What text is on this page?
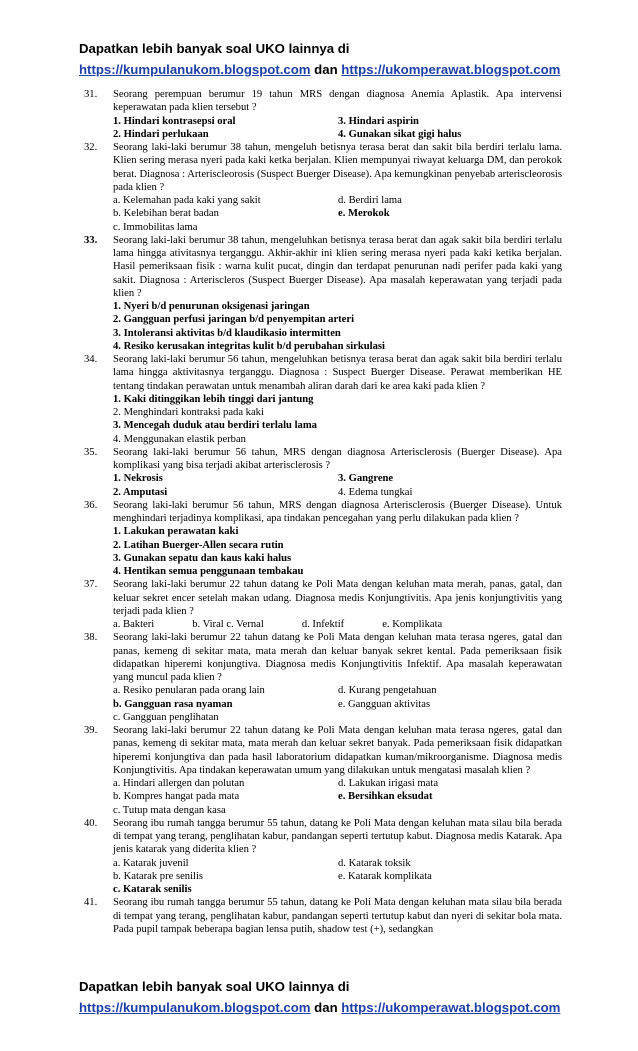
Dapatkan lebih banyak soal UKO lainnya di
https://kumpulanukom.blogspot.com dan https://ukomperawat.blogspot.com
31.	Seorang perempuan berumur 19 tahun MRS dengan diagnosa Anemia Aplastik. Apa intervensi keperawatan pada klien tersebut ?
1. Hindari kontrasepsi oral	3. Hindari aspirin
2. Hindari perlukaan	4. Gunakan sikat gigi halus
32.	Seorang laki-laki berumur 38 tahun, mengeluh betisnya terasa berat dan sakit bila berdiri terlalu lama. Klien sering merasa nyeri pada kaki ketka berjalan. Klien mempunyai riwayat keluarga DM, dan perokok berat. Diagnosa : Arteriscleorosis (Suspect Buerger Disease). Apa kemungkinan penyebab arteriscleorosis pada klien ?
a. Kelemahan pada kaki yang sakit	d. Berdiri lama
b. Kelebihan berat badan	e. Merokok
c. Immobilitas lama
33.	Seorang laki-laki berumur 38 tahun, mengeluhkan betisnya terasa berat dan agak sakit bila berdiri terlalu lama hingga ativitasnya terganggu. Akhir-akhir ini klien sering merasa nyeri pada kaki ketika berjalan. Hasil pemeriksaan fisik : warna kulit pucat, dingin dan terdapat penurunan nadi perifer pada kaki yang sakit. Diagnosa : Arteriscleros (Suspect Buerger Disease). Apa masalah keperawatan yang terjadi pada klien ?
1. Nyeri b/d penurunan oksigenasi jaringan
2. Gangguan perfusi jaringan b/d penyempitan arteri
3. Intoleransi aktivitas b/d klaudikasio intermitten
4. Resiko kerusakan integritas kulit b/d perubahan sirkulasi
34.	Seorang laki-laki berumur 56 tahun, mengeluhkan betisnya terasa berat dan agak sakit bila berdiri terlalu lama hingga aktivitasnya terganggu. Diagnosa : Suspect Buerger Disease. Perawat memberikan HE tentang tindakan perawatan untuk menambah aliran darah dari ke area kaki pada klien ?
1. Kaki ditinggikan lebih tinggi dari jantung
2. Menghindari kontraksi pada kaki
3. Mencegah duduk atau berdiri terlalu lama
4. Menggunakan elastik perban
35.	Seorang laki-laki berumur 56 tahun, MRS dengan diagnosa Arterisclerosis (Buerger Disease). Apa komplikasi yang bisa terjadi akibat arterisclerosis ?
1. Nekrosis	3. Gangrene
2. Amputasi	4. Edema tungkai
36.	Seorang laki-laki berumur 56 tahun, MRS dengan diagnosa Arterisclerosis (Buerger Disease). Untuk menghindari terjadinya komplikasi, apa tindakan pencegahan yang perlu dilakukan pada klien ?
1. Lakukan perawatan kaki
2. Latihan Buerger-Allen secara rutin
3. Gunakan sepatu dan kaus kaki halus
4. Hentikan semua penggunaan tembakau
37.	Seorang laki-laki berumur 22 tahun datang ke Poli Mata dengan keluhan mata merah, panas, gatal, dan keluar sekret encer setelah makan udang. Diagnosa medis Konjungtivitis. Apa jenis konjungtivitis yang terjadi pada klien ?
a. Bakteri	b. Viral c. Vernal	d. Infektif	e. Komplikata
38.	Seorang laki-laki berumur 22 tahun datang ke Poli Mata dengan keluhan mata terasa ngeres, gatal dan panas, kemeng di sekitar mata, mata merah dan keluar banyak sekret kental. Pada pemeriksaan fisik didapatkan hiperemi konjungtiva. Diagnosa medis Konjungtivitis Infektif. Apa masalah keperawatan yang muncul pada klien ?
a. Resiko penularan pada orang lain	d. Kurang pengetahuan
b. Gangguan rasa nyaman	e. Gangguan aktivitas
c. Gangguan penglihatan
39.	Seorang laki-laki berumur 22 tahun datang ke Poli Mata dengan keluhan mata terasa ngeres, gatal dan panas, kemeng di sekitar mata, mata merah dan keluar sekret banyak. Pada pemeriksaan fisik didapatkan hiperemi konjungtiva dan pada hasil laboratorium didapatkan kuman/mikroorganisme. Diagnosa medis Konjungtivitis. Apa tindakan keperawatan umum yang dilakukan untuk mengatasi masalah klien ?
a. Hindari allergen dan polutan	d. Lakukan irigasi mata
b. Kompres hangat pada mata	e. Bersihkan eksudat
c. Tutup mata dengan kasa
40.	Seorang ibu rumah tangga berumur 55 tahun, datang ke Poli Mata dengan keluhan mata silau bila berada di tempat yang terang, penglihatan kabur, pandangan seperti tertutup kabut. Diagnosa medis Katarak. Apa jenis katarak yang diderita klien ?
a. Katarak juvenil	d. Katarak toksik
b. Katarak pre senilis	e. Katarak komplikata
c. Katarak senilis
41.	Seorang ibu rumah tangga berumur 55 tahun, datang ke Poli Mata dengan keluhan mata silau bila berada di tempat yang terang, penglihatan kabur, pandangan seperti tertutup kabut dan nyeri di sekitar bola mata. Pada pupil tampak beberapa bagian lensa putih, shadow test (+), sedangkan
Dapatkan lebih banyak soal UKO lainnya di
https://kumpulanukom.blogspot.com dan https://ukomperawat.blogspot.com
